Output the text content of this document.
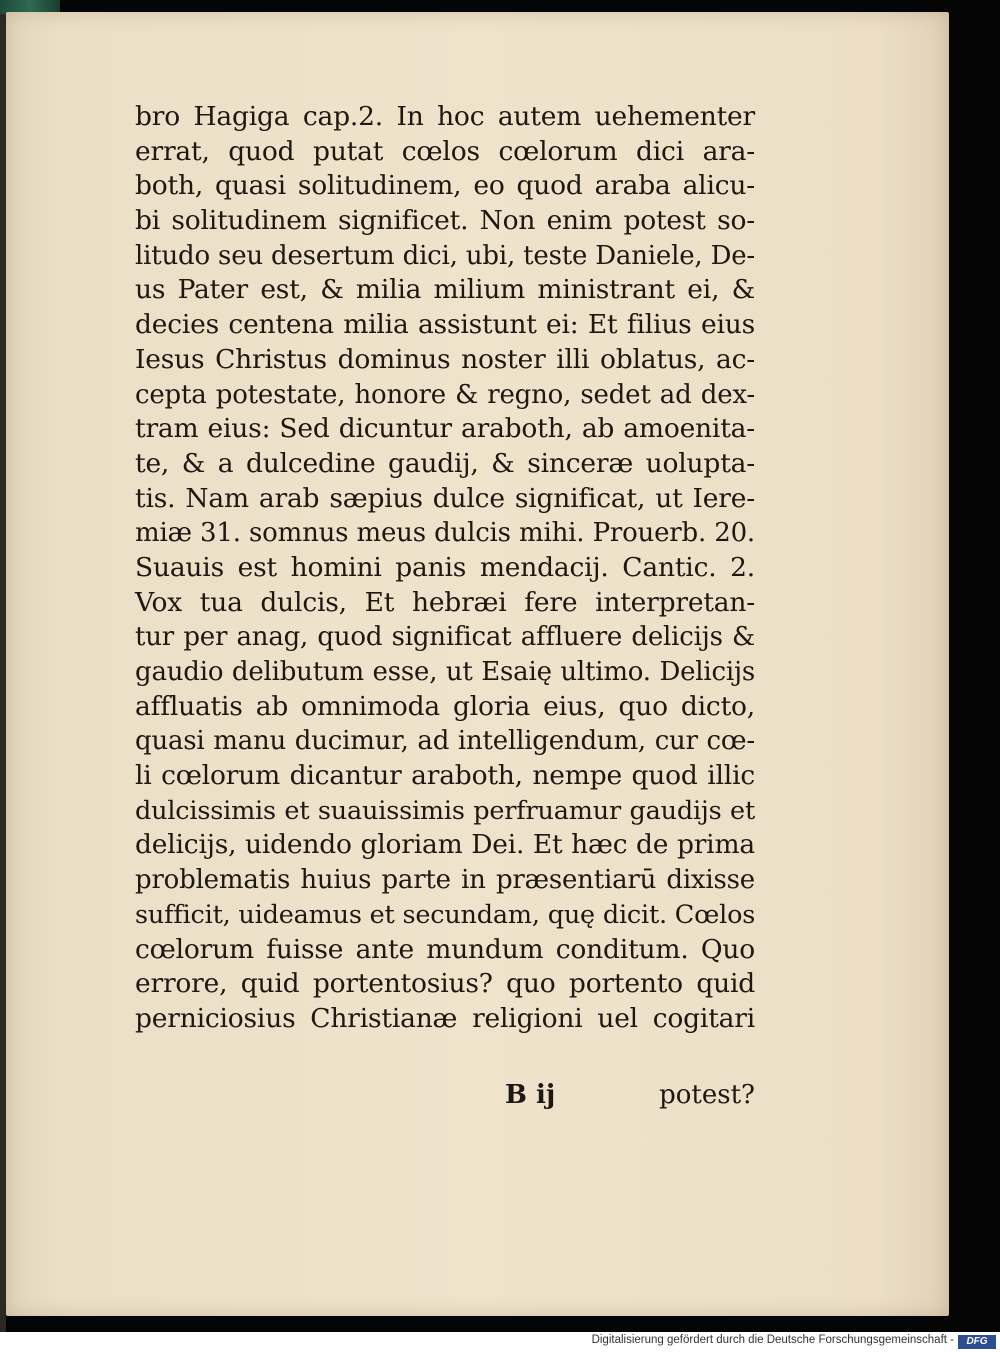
bro Hagiga cap.2. In hoc autem uehementer
errat, quod putat cœlos cœlorum dici ara-
both, quasi solitudinem, eo quod araba alicu-
bi solitudinem significet. Non enim potest so-
litudo seu desertum dici, ubi, teste Daniele, De-
us Pater est, & milia milium ministrant ei, &
decies centena milia assistunt ei: Et filius eius
Iesus Christus dominus noster illi oblatus, ac-
cepta potestate, honore & regno, sedet ad dex-
tram eius: Sed dicuntur araboth, ab amoenita-
te, & a dulcedine gaudij, & sinceræ uolupta-
tis. Nam arab sæpius dulce significat, ut Iere-
miæ 31. somnus meus dulcis mihi. Prouerb. 20.
Suauis est homini panis mendacij. Cantic. 2.
Vox tua dulcis, Et hebræi fere interpretan-
tur per anag, quod significat affluere delicijs &
gaudio delibutum esse, ut Esaię ultimo. Delicijs
affluatis ab omnimoda gloria eius, quo dicto,
quasi manu ducimur, ad intelligendum, cur cœ-
li cœlorum dicantur araboth, nempe quod illic
dulcissimis et suauissimis perfruamur gaudijs et
delicijs, uidendo gloriam Dei. Et hæc de prima
problematis huius parte in præsentiarū dixisse
sufficit, uideamus et secundam, quę dicit. Cœlos
cœlorum fuisse ante mundum conditum. Quo
errore, quid portentosius? quo portento quid
perniciosius Christianæ religioni uel cogitari
B ij	potest?
Digitalisierung gefördert durch die Deutsche Forschungsgemeinschaft -	DFG
